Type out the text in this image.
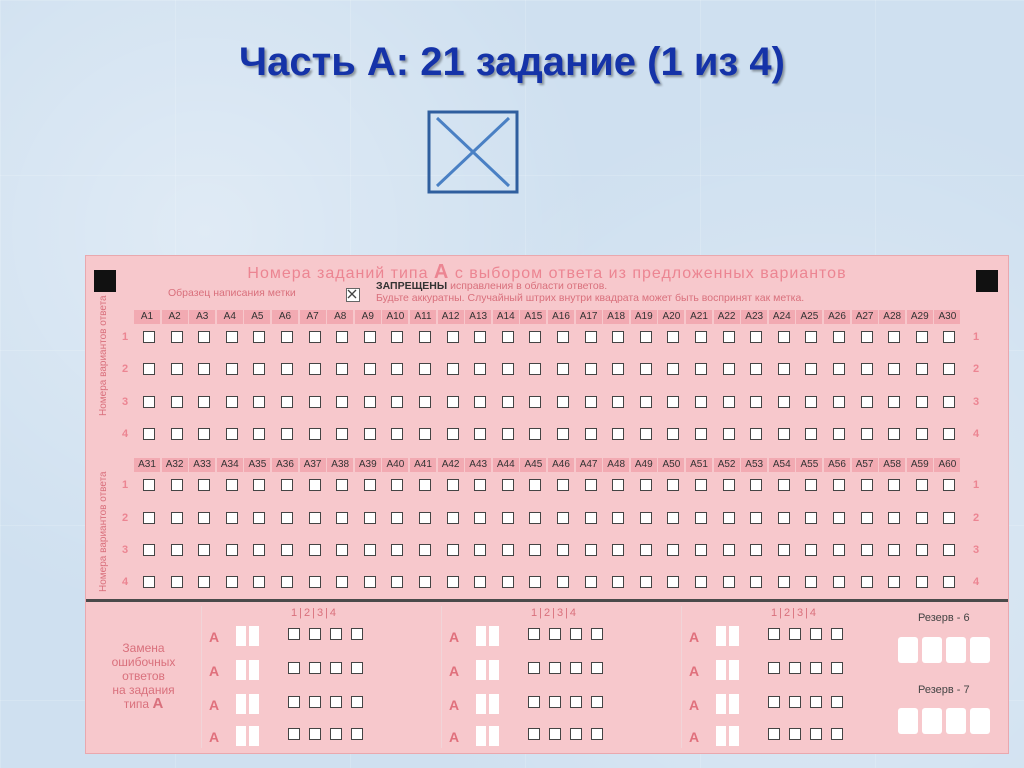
Часть А: 21 задание (1 из 4)
Номера заданий типа А с выбором ответа из предложенных вариантов
Образец написания метки
ЗАПРЕЩЕНЫ исправления в области ответов.
Будьте аккуратны. Случайный штрих внутри квадрата может быть воспринят как метка.
Номера вариантов ответа
Номера вариантов ответа
Замена
ошибочных
ответов
на задания
типа А
Резерв - 6
Резерв - 7
A1	A2	A3	A4	A5	A6	A7	A8	A9	A10	A11	A12 A13 A14 A15 A16 A17 A18 A19 A20 A21 A22 A23 A24 A25 A26 A27 A28 A29 A30
1	1
2	2
3	3
4	4
A31 A32 A33 A34 A35 A36 A37 A38 A39 A40 A41 A42 A43 A44 A45 A46 A47 A48 A49 A50 A51 A52 A53 A54 A55 A56 A57 A58 A59 A60
1	1
2	2
3	3
4	4
1|2|3|4
А
А
А
А
1|2|3|4
А
А
А
А
1|2|3|4
А
А
А
А
